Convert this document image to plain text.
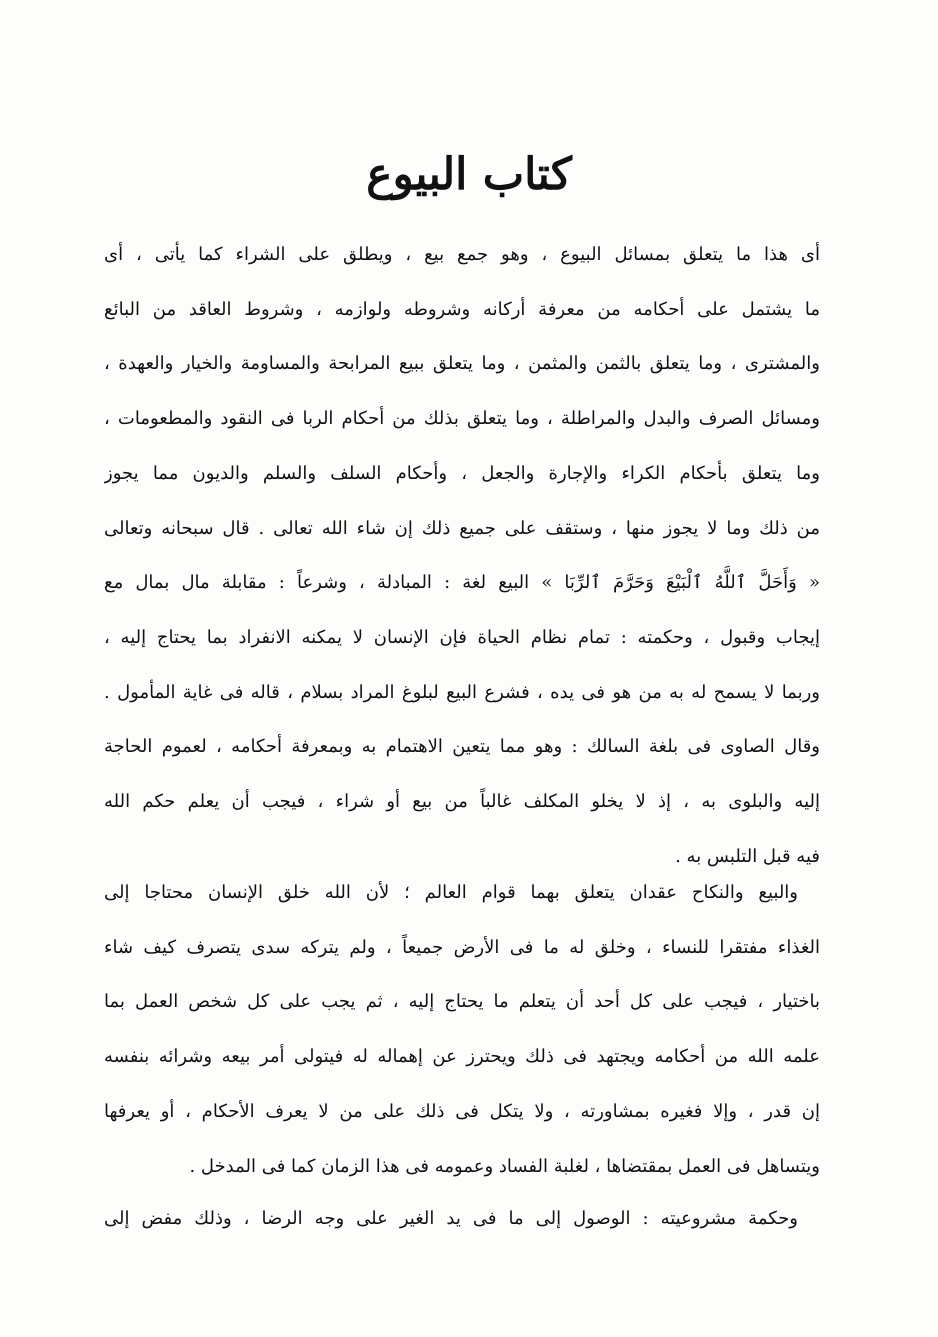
كتاب البيوع
أى هذا ما يتعلق بمسائل البيوع ، وهو جمع بيع ، ويطلق على الشراء كما يأتى ، أى
ما يشتمل على أحكامه من معرفة أركانه وشروطه ولوازمه ، وشروط العاقد من البائع
والمشترى ، وما يتعلق بالثمن والمثمن ، وما يتعلق ببيع المرابحة والمساومة والخيار والعهدة ،
ومسائل الصرف والبدل والمراطلة ، وما يتعلق بذلك من أحكام الربا فى النقود والمطعومات ،
وما يتعلق بأحكام الكراء والإجارة والجعل ، وأحكام السلف والسلم والديون مما يجوز
من ذلك وما لا يجوز منها ، وستقف على جميع ذلك إن شاء الله تعالى . قال سبحانه وتعالى
« وَأَحَلَّ ٱللَّهُ ٱلْبَيْعَ وَحَرَّمَ ٱلرِّبَا » البيع لغة : المبادلة ، وشرعاً : مقابلة مال بمال مع
إيجاب وقبول ، وحكمته : تمام نظام الحياة فإن الإنسان لا يمكنه الانفراد بما يحتاج إليه ،
وربما لا يسمح له به من هو فى يده ، فشرع البيع لبلوغ المراد بسلام ، قاله فى غاية المأمول .
وقال الصاوى فى بلغة السالك : وهو مما يتعين الاهتمام به وبمعرفة أحكامه ، لعموم الحاجة
إليه والبلوى به ، إذ لا يخلو المكلف غالباً من بيع أو شراء ، فيجب أن يعلم حكم الله
فيه قبل التلبس به .
والبيع والنكاح عقدان يتعلق بهما قوام العالم ؛ لأن الله خلق الإنسان محتاجا إلى
الغذاء مفتقرا للنساء ، وخلق له ما فى الأرض جميعاً ، ولم يتركه سدى يتصرف كيف شاء
باختيار ، فيجب على كل أحد أن يتعلم ما يحتاج إليه ، ثم يجب على كل شخص العمل بما
علمه الله من أحكامه ويجتهد فى ذلك ويحترز عن إهماله له فيتولى أمر بيعه وشرائه بنفسه
إن قدر ، وإلا فغيره بمشاورته ، ولا يتكل فى ذلك على من لا يعرف الأحكام ، أو يعرفها
ويتساهل فى العمل بمقتضاها ، لغلبة الفساد وعمومه فى هذا الزمان كما فى المدخل .
وحكمة مشروعيته : الوصول إلى ما فى يد الغير على وجه الرضا ، وذلك مفض إلى
